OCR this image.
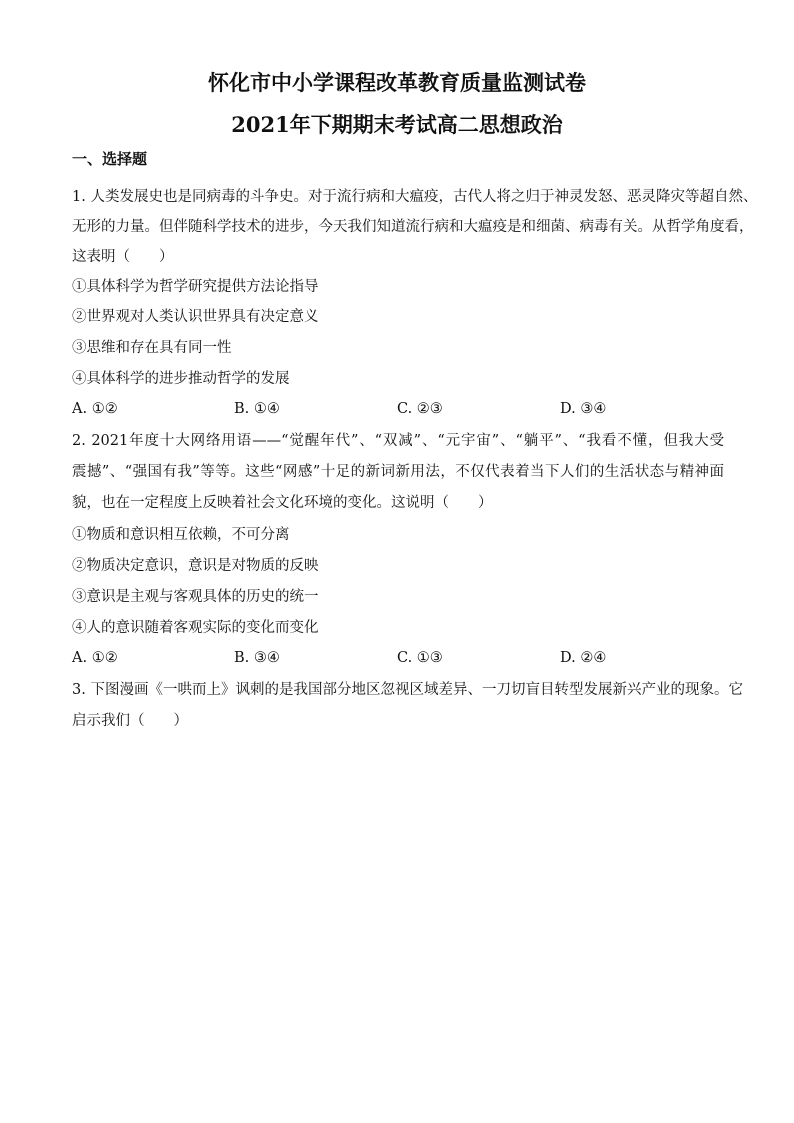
怀化市中小学课程改革教育质量监测试卷
2021年下期期末考试高二思想政治

一、选择题

1. 人类发展史也是同病毒的斗争史。对于流行病和大瘟疫，古代人将之归于神灵发怒、恶灵降灾等超自然、

无形的力量。但伴随科学技术的进步，今天我们知道流行病和大瘟疫是和细菌、病毒有关。从哲学角度看，

这表明（　　）

①具体科学为哲学研究提供方法论指导

②世界观对人类认识世界具有决定意义

③思维和存在具有同一性

④具体科学的进步推动哲学的发展

A. ①②	B. ①④	C. ②③	D. ③④

2. 2021年度十大网络用语——“觉醒年代”、“双减”、“元宇宙”、“躺平”、“我看不懂，但我大受

震撼”、“强国有我”等等。这些“网感”十足的新词新用法，不仅代表着当下人们的生活状态与精神面

貌，也在一定程度上反映着社会文化环境的变化。这说明（　　）

①物质和意识相互依赖，不可分离

②物质决定意识，意识是对物质的反映

③意识是主观与客观具体的历史的统一

④人的意识随着客观实际的变化而变化

A. ①②	B. ③④	C. ①③	D. ②④

3. 下图漫画《一哄而上》讽刺的是我国部分地区忽视区域差异、一刀切盲目转型发展新兴产业的现象。它

启示我们（　　）
